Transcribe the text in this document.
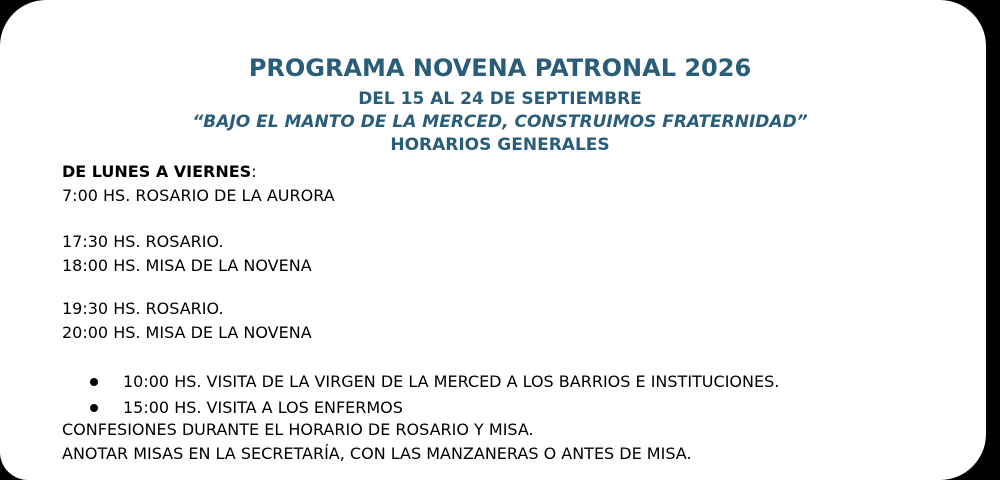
PROGRAMA NOVENA PATRONAL 2026
DEL 15 AL 24 DE SEPTIEMBRE
“BAJO EL MANTO DE LA MERCED, CONSTRUIMOS FRATERNIDAD”
HORARIOS GENERALES
DE LUNES A VIERNES:
7:00 HS. ROSARIO DE LA AURORA
17:30 HS. ROSARIO.
18:00 HS. MISA DE LA NOVENA
19:30 HS. ROSARIO.
20:00 HS. MISA DE LA NOVENA
10:00 HS. VISITA DE LA VIRGEN DE LA MERCED A LOS BARRIOS E INSTITUCIONES.
15:00 HS. VISITA A LOS ENFERMOS
CONFESIONES DURANTE EL HORARIO DE ROSARIO Y MISA.
ANOTAR MISAS EN LA SECRETARÍA, CON LAS MANZANERAS O ANTES DE MISA.
